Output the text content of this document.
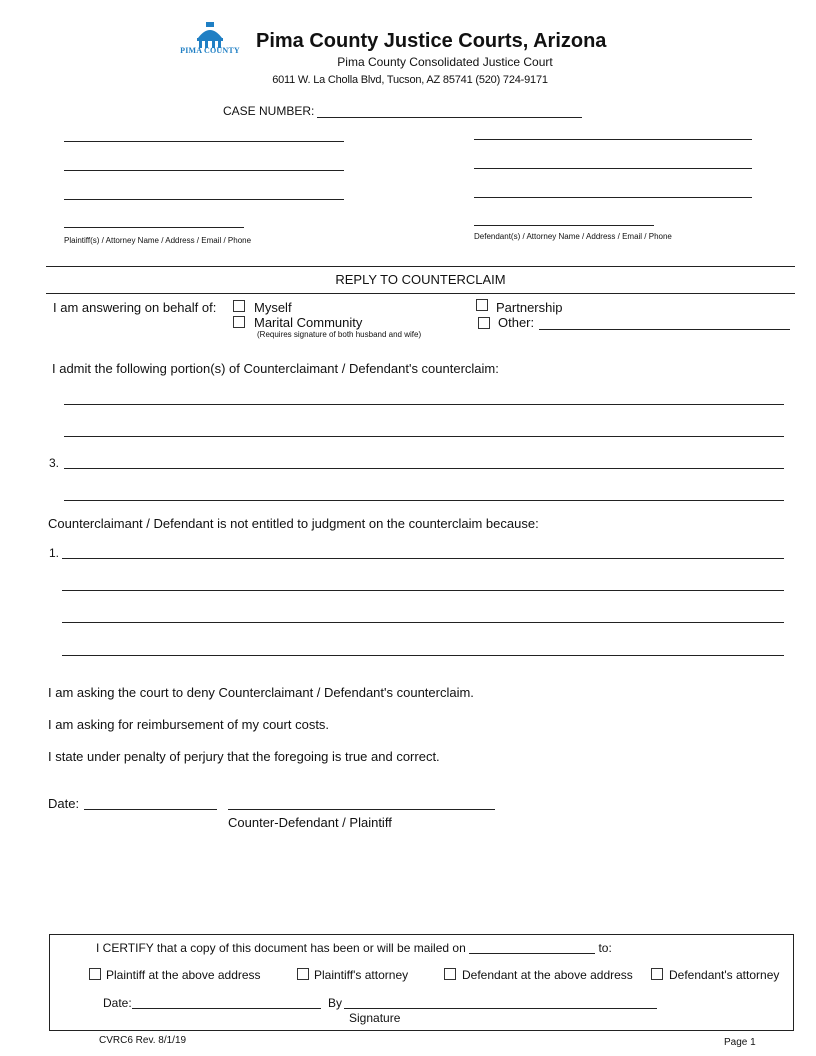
PIMA COUNTY Pima County Justice Courts, Arizona
Pima County Consolidated Justice Court
6011 W. La Cholla Blvd, Tucson, AZ 85741 (520) 724-9171
CASE NUMBER:
Plaintiff(s) / Attorney Name / Address / Email / Phone	Defendant(s) / Attorney Name / Address / Email / Phone
REPLY TO COUNTERCLAIM
I am answering on behalf of:	Myself
Marital Community
(Requires signature of both husband and wife)
Partnership
Other:
I admit the following portion(s) of Counterclaimant / Defendant's counterclaim:
3.
Counterclaimant / Defendant is not entitled to judgment on the counterclaim because:
1.
I am asking the court to deny Counterclaimant / Defendant's counterclaim.
I am asking for reimbursement of my court costs.
I state under penalty of perjury that the foregoing is true and correct.
Date:
Counter-Defendant / Plaintiff
I CERTIFY that a copy of this document has been or will be mailed on	to:
Plaintiff at the above address	Plaintiff's attorney	Defendant at the above address	Defendant's attorney
Date:	By
Signature
CVRC6 Rev. 8/1/19	Page 1
